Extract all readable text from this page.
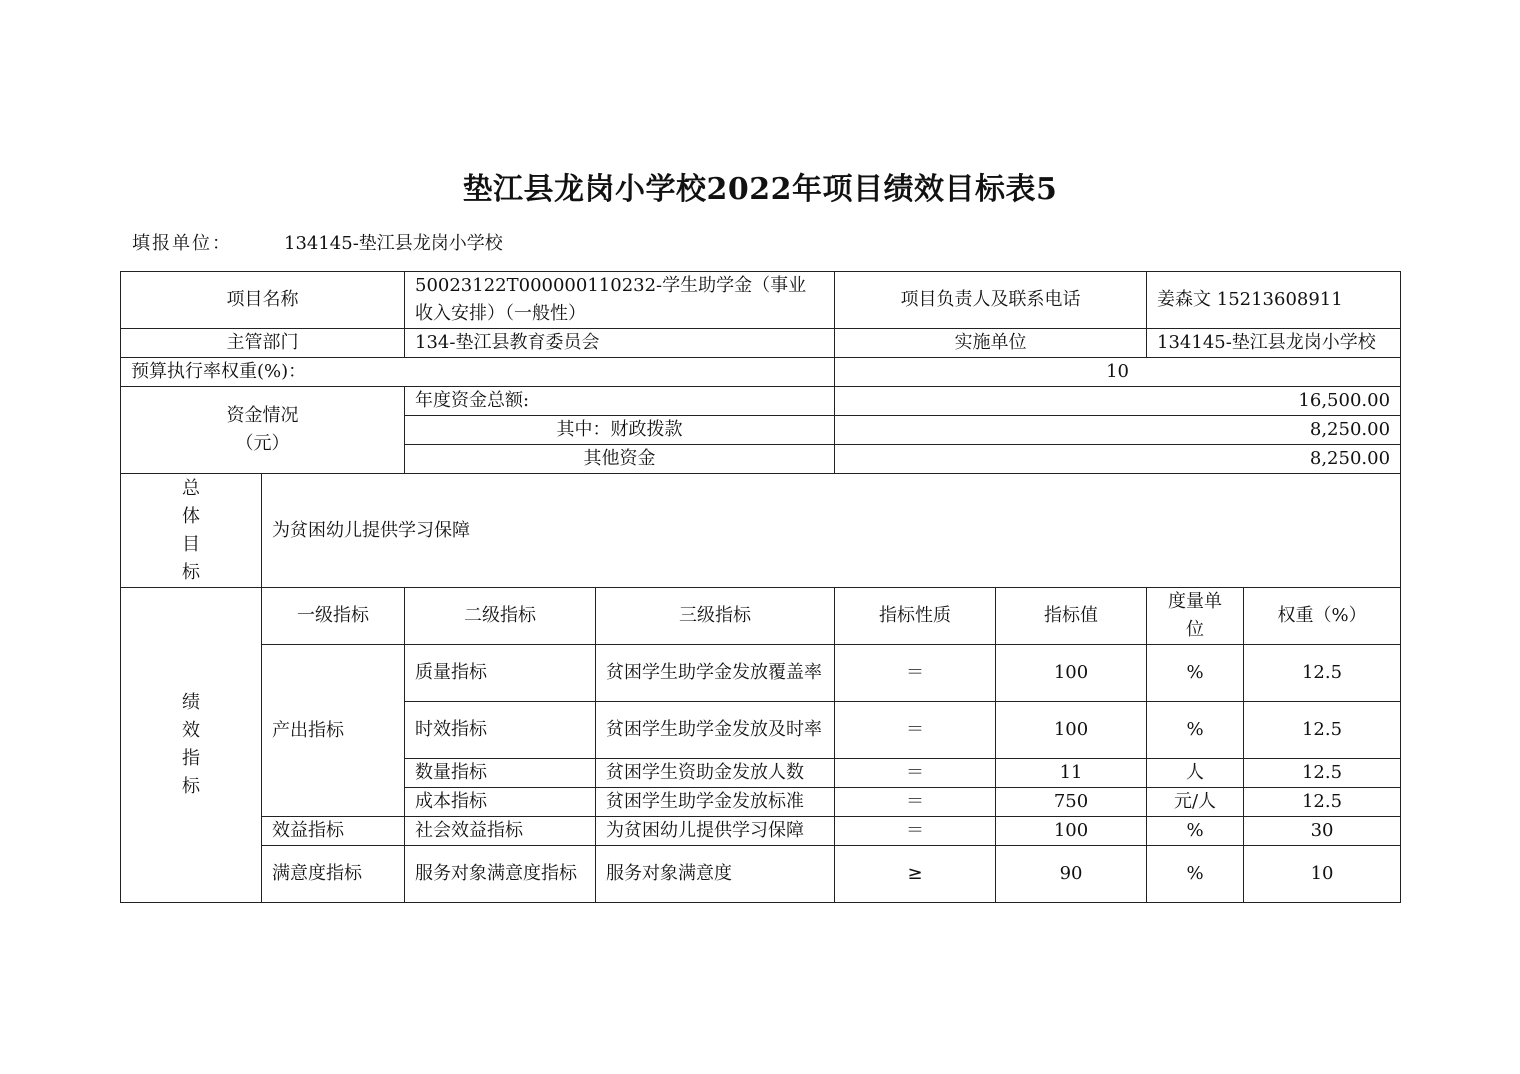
垫江县龙岗小学校2022年项目绩效目标表5
填报单位：	134145-垫江县龙岗小学校
项目名称		50023122T000000110232-学生助学金（事业收入安排）（一般性）		项目负责人及联系电话		姜森文 15213608911	
主管部门		134-垫江县教育委员会		实施单位		134145-垫江县龙岗小学校	
预算执行率权重(%)：				10			

资金情况
（元）		年度资金总额:		16,500.00			
		其中：财政拨款		8,250.00			
		其他资金		8,250.00			

总
体
目
标	为贫困幼儿提供学习保障						

绩
效
指
标	一级指标	二级指标	三级指标	指标性质	指标值	度量单位	权重（%）
	产出指标	质量指标	贫困学生助学金发放覆盖率	＝	100	%	12.5
		时效指标	贫困学生助学金发放及时率	＝	100	%	12.5
		数量指标	贫困学生资助金发放人数	＝	11	人	12.5
		成本指标	贫困学生助学金发放标准	＝	750	元/人	12.5
	效益指标	社会效益指标	为贫困幼儿提供学习保障	＝	100	%	30
	满意度指标	服务对象满意度指标	服务对象满意度	≥	90	%	10
